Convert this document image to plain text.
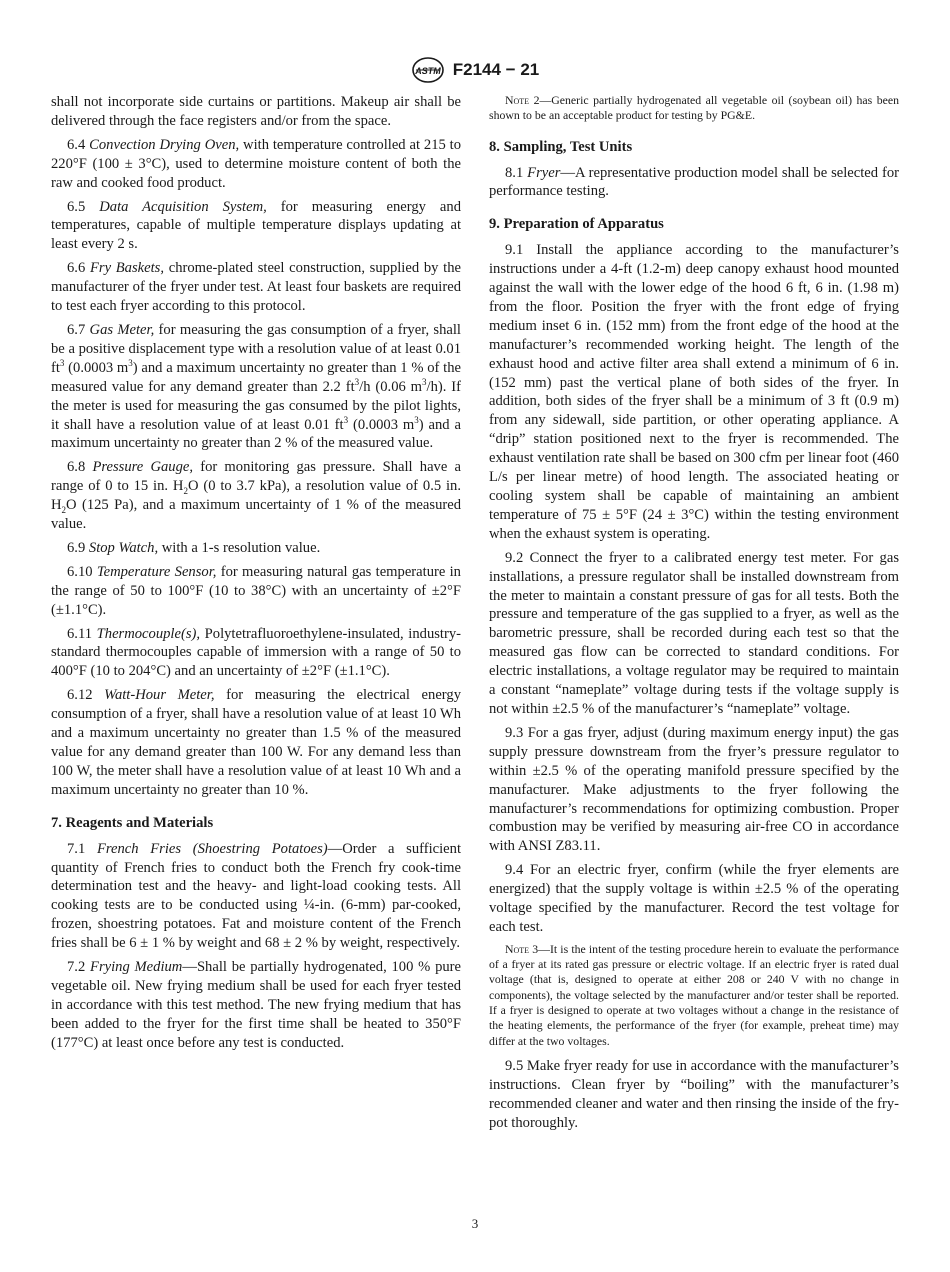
ASTM F2144 − 21

shall not incorporate side curtains or partitions. Makeup air shall be delivered through the face registers and/or from the space.

6.4 Convection Drying Oven, with temperature controlled at 215 to 220°F (100 ± 3°C), used to determine moisture content of both the raw and cooked food product.

6.5 Data Acquisition System, for measuring energy and temperatures, capable of multiple temperature displays updating at least every 2 s.

6.6 Fry Baskets, chrome-plated steel construction, supplied by the manufacturer of the fryer under test. At least four baskets are required to test each fryer according to this protocol.

6.7 Gas Meter, for measuring the gas consumption of a fryer, shall be a positive displacement type with a resolution value of at least 0.01 $ft^3$ (0.0003 $m^3$) and a maximum uncertainty no greater than 1 % of the measured value for any demand greater than 2.2 $ft^3/h$ (0.06 $m^3/h$). If the meter is used for measuring the gas consumed by the pilot lights, it shall have a resolution value of at least 0.01 $ft^3$ (0.0003 $m^3$) and a maximum uncertainty no greater than 2 % of the measured value.

6.8 Pressure Gauge, for monitoring gas pressure. Shall have a range of 0 to 15 in. $H_2O$ (0 to 3.7 kPa), a resolution value of 0.5 in. $H_2O$ (125 Pa), and a maximum uncertainty of 1 % of the measured value.

6.9 Stop Watch, with a 1-s resolution value.

6.10 Temperature Sensor, for measuring natural gas temperature in the range of 50 to 100°F (10 to 38°C) with an uncertainty of ±2°F (±1.1°C).

6.11 Thermocouple(s), Polytetrafluoroethylene-insulated, industry-standard thermocouples capable of immersion with a range of 50 to 400°F (10 to 204°C) and an uncertainty of ±2°F (±1.1°C).

6.12 Watt-Hour Meter, for measuring the electrical energy consumption of a fryer, shall have a resolution value of at least 10 Wh and a maximum uncertainty no greater than 1.5 % of the measured value for any demand greater than 100 W. For any demand less than 100 W, the meter shall have a resolution value of at least 10 Wh and a maximum uncertainty no greater than 10 %.

7. Reagents and Materials

7.1 French Fries (Shoestring Potatoes)—Order a sufficient quantity of French fries to conduct both the French fry cook-time determination test and the heavy- and light-load cooking tests. All cooking tests are to be conducted using ¼-in. (6-mm) par-cooked, frozen, shoestring potatoes. Fat and moisture content of the French fries shall be 6 ± 1 % by weight and 68 ± 2 % by weight, respectively.

7.2 Frying Medium—Shall be partially hydrogenated, 100 % pure vegetable oil. New frying medium shall be used for each fryer tested in accordance with this test method. The new frying medium that has been added to the fryer for the first time shall be heated to 350°F (177°C) at least once before any test is conducted.

Note 2—Generic partially hydrogenated all vegetable oil (soybean oil) has been shown to be an acceptable product for testing by PG&E.

8. Sampling, Test Units

8.1 Fryer—A representative production model shall be selected for performance testing.

9. Preparation of Apparatus

9.1 Install the appliance according to the manufacturer’s instructions under a 4-ft (1.2-m) deep canopy exhaust hood mounted against the wall with the lower edge of the hood 6 ft, 6 in. (1.98 m) from the floor. Position the fryer with the front edge of frying medium inset 6 in. (152 mm) from the front edge of the hood at the manufacturer’s recommended working height. The length of the exhaust hood and active filter area shall extend a minimum of 6 in. (152 mm) past the vertical plane of both sides of the fryer. In addition, both sides of the fryer shall be a minimum of 3 ft (0.9 m) from any sidewall, side partition, or other operating appliance. A “drip” station positioned next to the fryer is recommended. The exhaust ventilation rate shall be based on 300 cfm per linear foot (460 L/s per linear metre) of hood length. The associated heating or cooling system shall be capable of maintaining an ambient temperature of 75 ± 5°F (24 ± 3°C) within the testing environment when the exhaust system is operating.

9.2 Connect the fryer to a calibrated energy test meter. For gas installations, a pressure regulator shall be installed downstream from the meter to maintain a constant pressure of gas for all tests. Both the pressure and temperature of the gas supplied to a fryer, as well as the barometric pressure, shall be recorded during each test so that the measured gas flow can be corrected to standard conditions. For electric installations, a voltage regulator may be required to maintain a constant “nameplate” voltage during tests if the voltage supply is not within ±2.5 % of the manufacturer’s “nameplate” voltage.

9.3 For a gas fryer, adjust (during maximum energy input) the gas supply pressure downstream from the fryer’s pressure regulator to within ±2.5 % of the operating manifold pressure specified by the manufacturer. Make adjustments to the fryer following the manufacturer’s recommendations for optimizing combustion. Proper combustion may be verified by measuring air-free CO in accordance with ANSI Z83.11.

9.4 For an electric fryer, confirm (while the fryer elements are energized) that the supply voltage is within ±2.5 % of the operating voltage specified by the manufacturer. Record the test voltage for each test.

Note 3—It is the intent of the testing procedure herein to evaluate the performance of a fryer at its rated gas pressure or electric voltage. If an electric fryer is rated dual voltage (that is, designed to operate at either 208 or 240 V with no change in components), the voltage selected by the manufacturer and/or tester shall be reported. If a fryer is designed to operate at two voltages without a change in the resistance of the heating elements, the performance of the fryer (for example, preheat time) may differ at the two voltages.

9.5 Make fryer ready for use in accordance with the manufacturer’s instructions. Clean fryer by “boiling” with the manufacturer’s recommended cleaner and water and then rinsing the inside of the fry-pot thoroughly.

3
